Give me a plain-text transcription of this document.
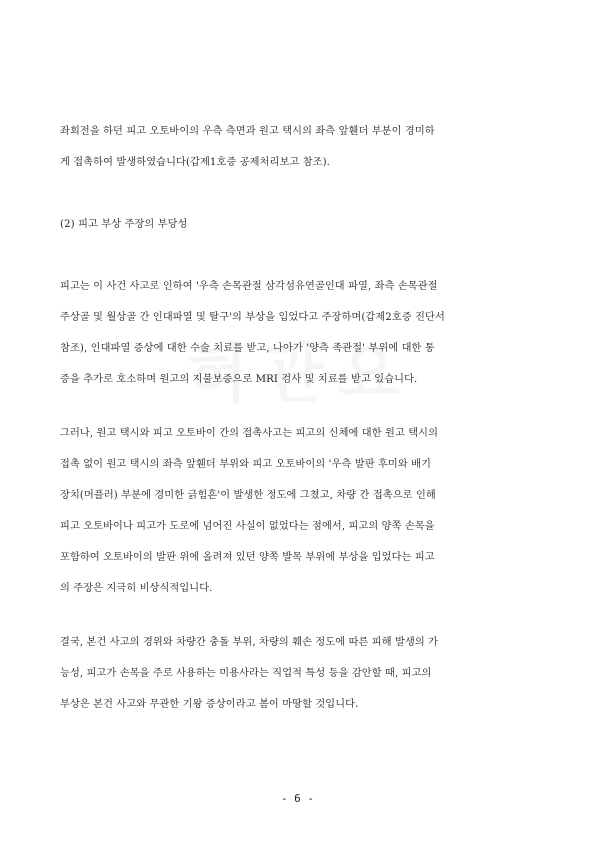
좌회전을 하던 피고 오토바이의 우측 측면과 원고 택시의 좌측 앞휀더 부분이 경미하
게 접촉하여 발생하였습니다(갑제1호증 공제처리보고 참조).

(2) 피고 부상 주장의 부당성

피고는 이 사건 사고로 인하여 '우측 손목관절 삼각섬유연골인대 파열, 좌측 손목관절
주상골 및 월상골 간 인대파열 및 탈구'의 부상을 입었다고 주장하며(갑제2호증 진단서
참조), 인대파열 증상에 대한 수술 치료를 받고, 나아가 '양측 족관절' 부위에 대한 통
증을 추가로 호소하며 원고의 지불보증으로 MRI 검사 및 치료를 받고 있습니다.

그러나, 원고 택시와 피고 오토바이 간의 접촉사고는 피고의 신체에 대한 원고 택시의
접촉 없이 원고 택시의 좌측 앞휀더 부위와 피고 오토바이의 '우측 발판 후미와 배기
장치(머플러) 부분에 경미한 긁힘흔'이 발생한 정도에 그쳤고, 차량 간 접촉으로 인해
피고 오토바이나 피고가 도로에 넘어진 사실이 없었다는 점에서, 피고의 양쪽 손목을
포함하여 오토바이의 발판 위에 올려져 있던 양쪽 발목 부위에 부상을 입었다는 피고
의 주장은 지극히 비상식적입니다.

결국, 본건 사고의 경위와 차량간 충돌 부위, 차량의 훼손 정도에 따른 피해 발생의 가
능성, 피고가 손목을 주로 사용하는 미용사라는 직업적 특성 등을 감안할 때, 피고의
부상은 본건 사고와 무관한 기왕 증상이라고 봄이 마땅할 것입니다.

- 6 -
